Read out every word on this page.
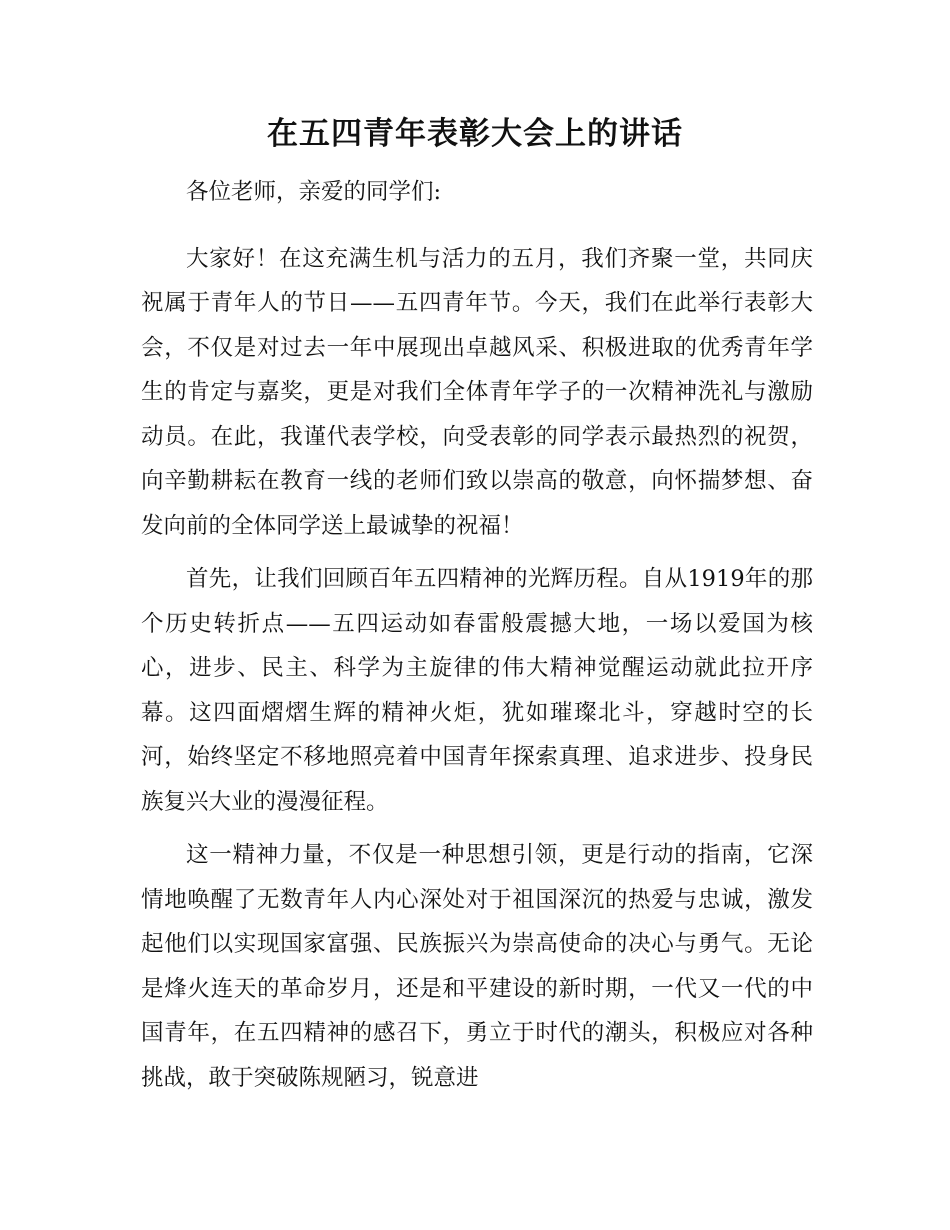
在五四青年表彰大会上的讲话

各位老师，亲爱的同学们:

大家好！在这充满生机与活力的五月，我们齐聚一堂，共同庆祝属于青年人的节日——五四青年节。今天，我们在此举行表彰大会，不仅是对过去一年中展现出卓越风采、积极进取的优秀青年学生的肯定与嘉奖，更是对我们全体青年学子的一次精神洗礼与激励动员。在此，我谨代表学校，向受表彰的同学表示最热烈的祝贺，向辛勤耕耘在教育一线的老师们致以崇高的敬意，向怀揣梦想、奋发向前的全体同学送上最诚挚的祝福！

首先，让我们回顾百年五四精神的光辉历程。自从1919年的那个历史转折点——五四运动如春雷般震撼大地，一场以爱国为核心，进步、民主、科学为主旋律的伟大精神觉醒运动就此拉开序幕。这四面熠熠生辉的精神火炬，犹如璀璨北斗，穿越时空的长河，始终坚定不移地照亮着中国青年探索真理、追求进步、投身民族复兴大业的漫漫征程。

这一精神力量，不仅是一种思想引领，更是行动的指南，它深情地唤醒了无数青年人内心深处对于祖国深沉的热爱与忠诚，激发起他们以实现国家富强、民族振兴为崇高使命的决心与勇气。无论是烽火连天的革命岁月，还是和平建设的新时期，一代又一代的中国青年，在五四精神的感召下，勇立于时代的潮头，积极应对各种挑战，敢于突破陈规陋习，锐意进
